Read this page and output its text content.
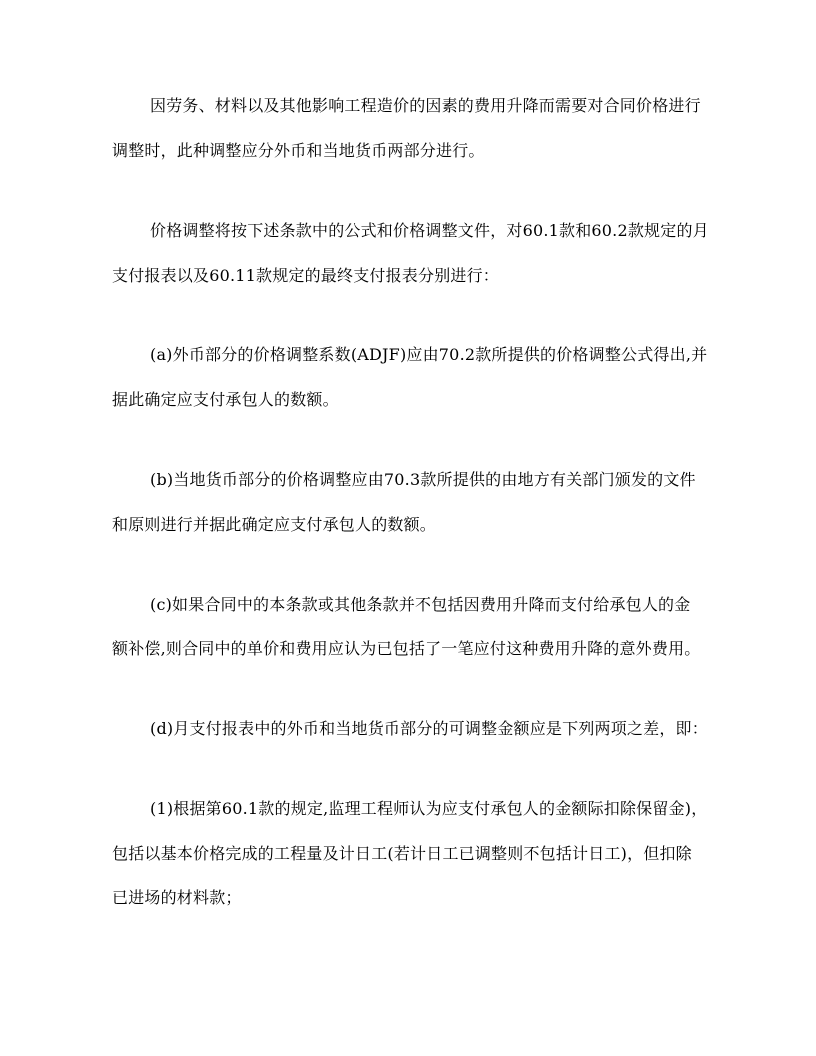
因劳务、材料以及其他影响工程造价的因素的费用升降而需要对合同价格进行
调整时，此种调整应分外币和当地货币两部分进行。
价格调整将按下述条款中的公式和价格调整文件，对60.1款和60.2款规定的月
支付报表以及60.11款规定的最终支付报表分别进行：
(a)外币部分的价格调整系数(ADJF)应由70.2款所提供的价格调整公式得出,并
据此确定应支付承包人的数额。
(b)当地货币部分的价格调整应由70.3款所提供的由地方有关部门颁发的文件
和原则进行并据此确定应支付承包人的数额。
(c)如果合同中的本条款或其他条款并不包括因费用升降而支付给承包人的金
额补偿,则合同中的单价和费用应认为已包括了一笔应付这种费用升降的意外费用。
(d)月支付报表中的外币和当地货币部分的可调整金额应是下列两项之差，即：
(1)根据第60.1款的规定,监理工程师认为应支付承包人的金额际扣除保留金)，
包括以基本价格完成的工程量及计日工(若计日工已调整则不包括计日工)，但扣除
已进场的材料款；
